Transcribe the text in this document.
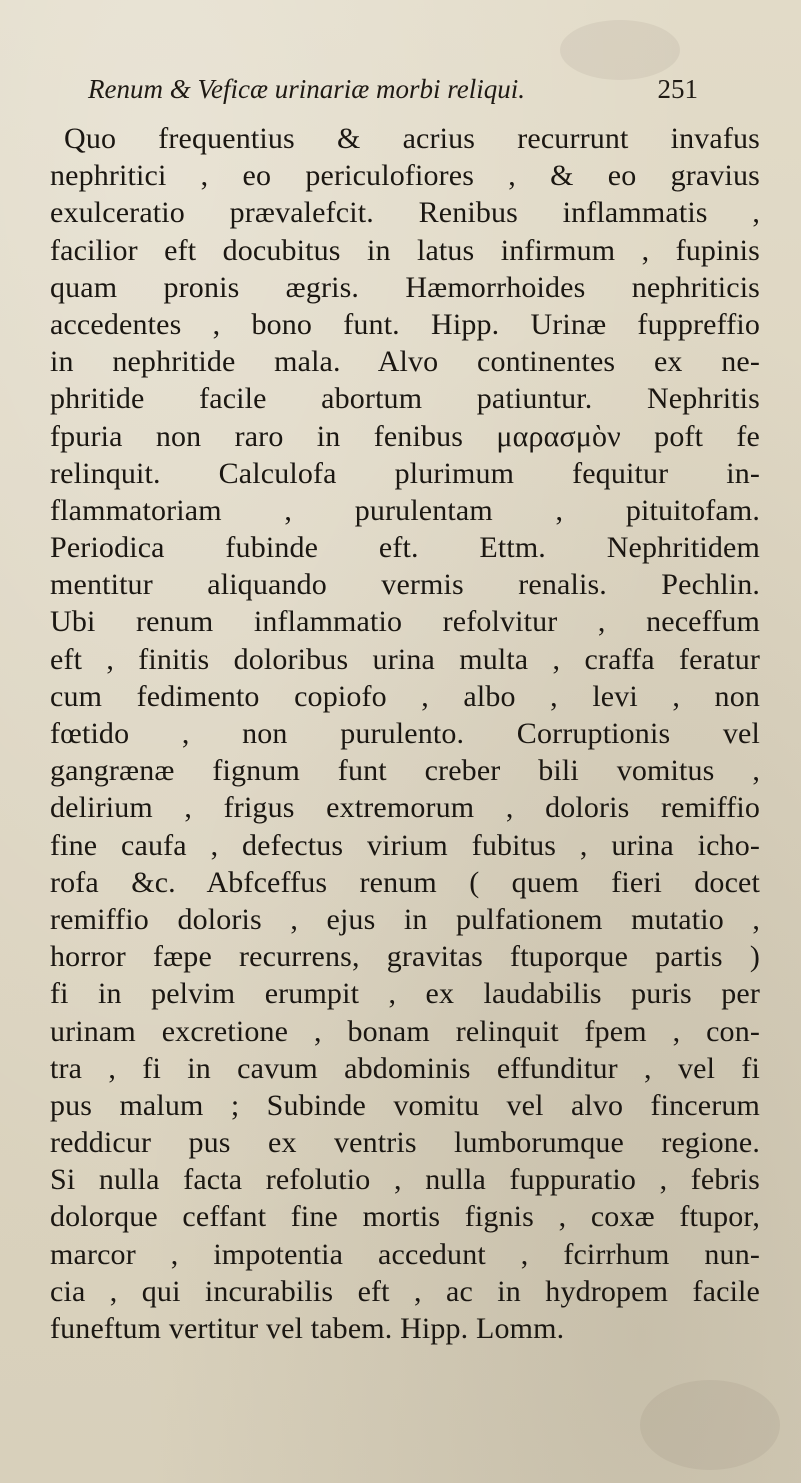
Renum & Veficæ urinariæ morbi reliqui.	251
Quo frequentius & acrius recurrunt invafus
nephritici , eo periculofiores , & eo gravius
exulceratio prævalefcit. Renibus inflammatis ,
facilior eft docubitus in latus infirmum , fupinis
quam pronis ægris. Hæmorrhoides nephriticis
accedentes , bono funt. Hipp. Urinæ fuppreffio
in nephritide mala. Alvo continentes ex ne-
phritide facile abortum patiuntur. Nephritis
fpuria non raro in fenibus μαρασμὸν poft fe
relinquit. Calculofa plurimum fequitur in-
flammatoriam , purulentam , pituitofam.
Periodica fubinde eft. Ettm. Nephritidem
mentitur aliquando vermis renalis. Pechlin.
Ubi renum inflammatio refolvitur , neceffum
eft , finitis doloribus urina multa , craffa feratur
cum fedimento copiofo , albo , levi , non
fœtido , non purulento. Corruptionis vel
gangrænæ fignum funt creber bili vomitus ,
delirium , frigus extremorum , doloris remiffio
fine caufa , defectus virium fubitus , urina icho-
rofa &c. Abfceffus renum ( quem fieri docet
remiffio doloris , ejus in pulfationem mutatio ,
horror fæpe recurrens, gravitas ftuporque partis )
fi in pelvim erumpit , ex laudabilis puris per
urinam excretione , bonam relinquit fpem , con-
tra , fi in cavum abdominis effunditur , vel fi
pus malum ; Subinde vomitu vel alvo fincerum
reddicur pus ex ventris lumborumque regione.
Si nulla facta refolutio , nulla fuppuratio , febris
dolorque ceffant fine mortis fignis , coxæ ftupor,
marcor , impotentia accedunt , fcirrhum nun-
cia , qui incurabilis eft , ac in hydropem facile
funeftum vertitur vel tabem. Hipp. Lomm.
